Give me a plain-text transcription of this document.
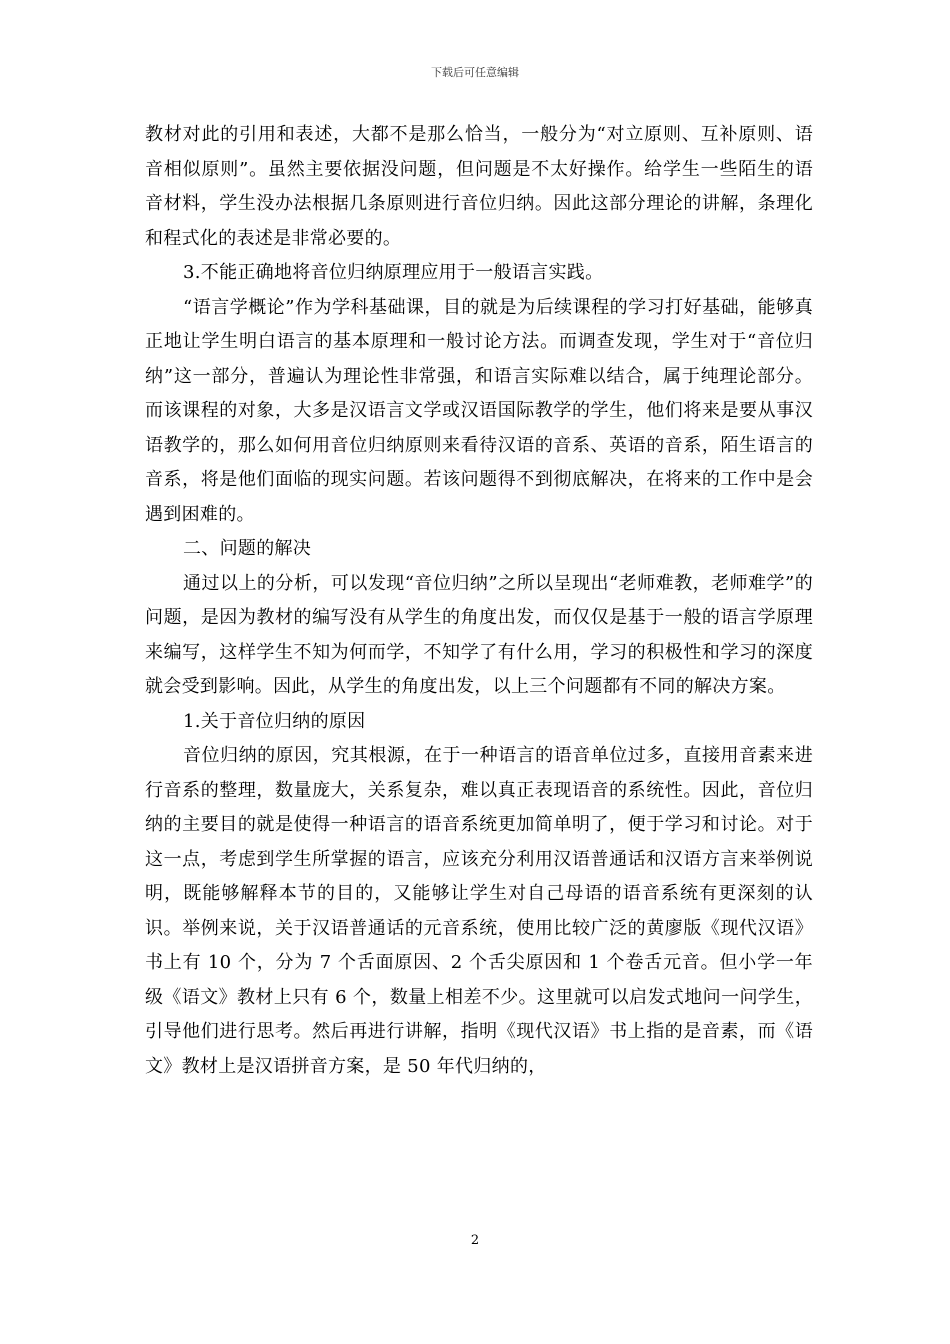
下载后可任意编辑

教材对此的引用和表述，大都不是那么恰当，一般分为“对立原则、互补原则、语音相似原则”。虽然主要依据没问题，但问题是不太好操作。给学生一些陌生的语音材料，学生没办法根据几条原则进行音位归纳。因此这部分理论的讲解，条理化和程式化的表述是非常必要的。

3.不能正确地将音位归纳原理应用于一般语言实践。

“语言学概论”作为学科基础课，目的就是为后续课程的学习打好基础，能够真正地让学生明白语言的基本原理和一般讨论方法。而调查发现，学生对于“音位归纳”这一部分，普遍认为理论性非常强，和语言实际难以结合，属于纯理论部分。而该课程的对象，大多是汉语言文学或汉语国际教学的学生，他们将来是要从事汉语教学的，那么如何用音位归纳原则来看待汉语的音系、英语的音系，陌生语言的音系，将是他们面临的现实问题。若该问题得不到彻底解决，在将来的工作中是会遇到困难的。

二、问题的解决

通过以上的分析，可以发现“音位归纳”之所以呈现出“老师难教，老师难学”的问题，是因为教材的编写没有从学生的角度出发，而仅仅是基于一般的语言学原理来编写，这样学生不知为何而学，不知学了有什么用，学习的积极性和学习的深度就会受到影响。因此，从学生的角度出发，以上三个问题都有不同的解决方案。

1.关于音位归纳的原因

音位归纳的原因，究其根源，在于一种语言的语音单位过多，直接用音素来进行音系的整理，数量庞大，关系复杂，难以真正表现语音的系统性。因此，音位归纳的主要目的就是使得一种语言的语音系统更加简单明了，便于学习和讨论。对于这一点，考虑到学生所掌握的语言，应该充分利用汉语普通话和汉语方言来举例说明，既能够解释本节的目的，又能够让学生对自己母语的语音系统有更深刻的认识。举例来说，关于汉语普通话的元音系统，使用比较广泛的黄廖版《现代汉语》书上有 10 个，分为 7 个舌面原因、2 个舌尖原因和 1 个卷舌元音。但小学一年级《语文》教材上只有 6 个，数量上相差不少。这里就可以启发式地问一问学生，引导他们进行思考。然后再进行讲解，指明《现代汉语》书上指的是音素，而《语文》教材上是汉语拼音方案，是 50 年代归纳的，

2
